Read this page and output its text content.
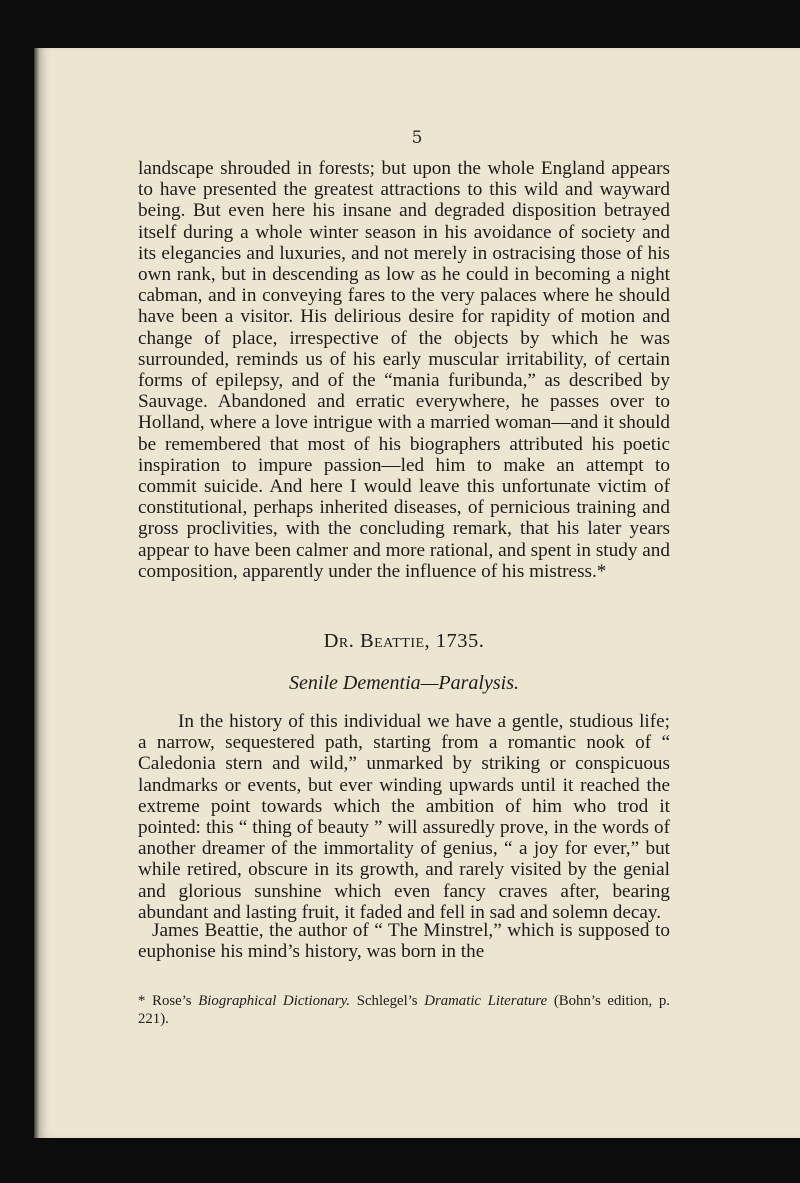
5

landscape shrouded in forests; but upon the whole England appears to have presented the greatest attractions to this wild and wayward being. But even here his insane and degraded disposition betrayed itself during a whole winter season in his avoidance of society and its elegancies and luxuries, and not merely in ostracising those of his own rank, but in descending as low as he could in becoming a night cabman, and in conveying fares to the very palaces where he should have been a visitor. His delirious desire for rapidity of motion and change of place, irrespective of the objects by which he was surrounded, reminds us of his early muscular irritability, of certain forms of epilepsy, and of the “mania furibunda,” as described by Sauvage. Abandoned and erratic everywhere, he passes over to Holland, where a love intrigue with a married woman—and it should be remembered that most of his biographers attributed his poetic inspiration to impure passion—led him to make an attempt to commit suicide. And here I would leave this unfortunate victim of constitutional, perhaps inherited diseases, of pernicious training and gross proclivities, with the concluding remark, that his later years appear to have been calmer and more rational, and spent in study and composition, apparently under the influence of his mistress.*

Dr. Beattie, 1735.

Senile Dementia—Paralysis.

In the history of this individual we have a gentle, studious life; a narrow, sequestered path, starting from a romantic nook of “ Caledonia stern and wild,” unmarked by striking or conspicuous landmarks or events, but ever winding upwards until it reached the extreme point towards which the ambition of him who trod it pointed: this “ thing of beauty ” will assuredly prove, in the words of another dreamer of the immortality of genius, “ a joy for ever,” but while retired, obscure in its growth, and rarely visited by the genial and glorious sunshine which even fancy craves after, bearing abundant and lasting fruit, it faded and fell in sad and solemn decay.

James Beattie, the author of “ The Minstrel,” which is supposed to euphonise his mind’s history, was born in the

* Rose’s Biographical Dictionary. Schlegel’s Dramatic Literature (Bohn’s edition, p. 221).
